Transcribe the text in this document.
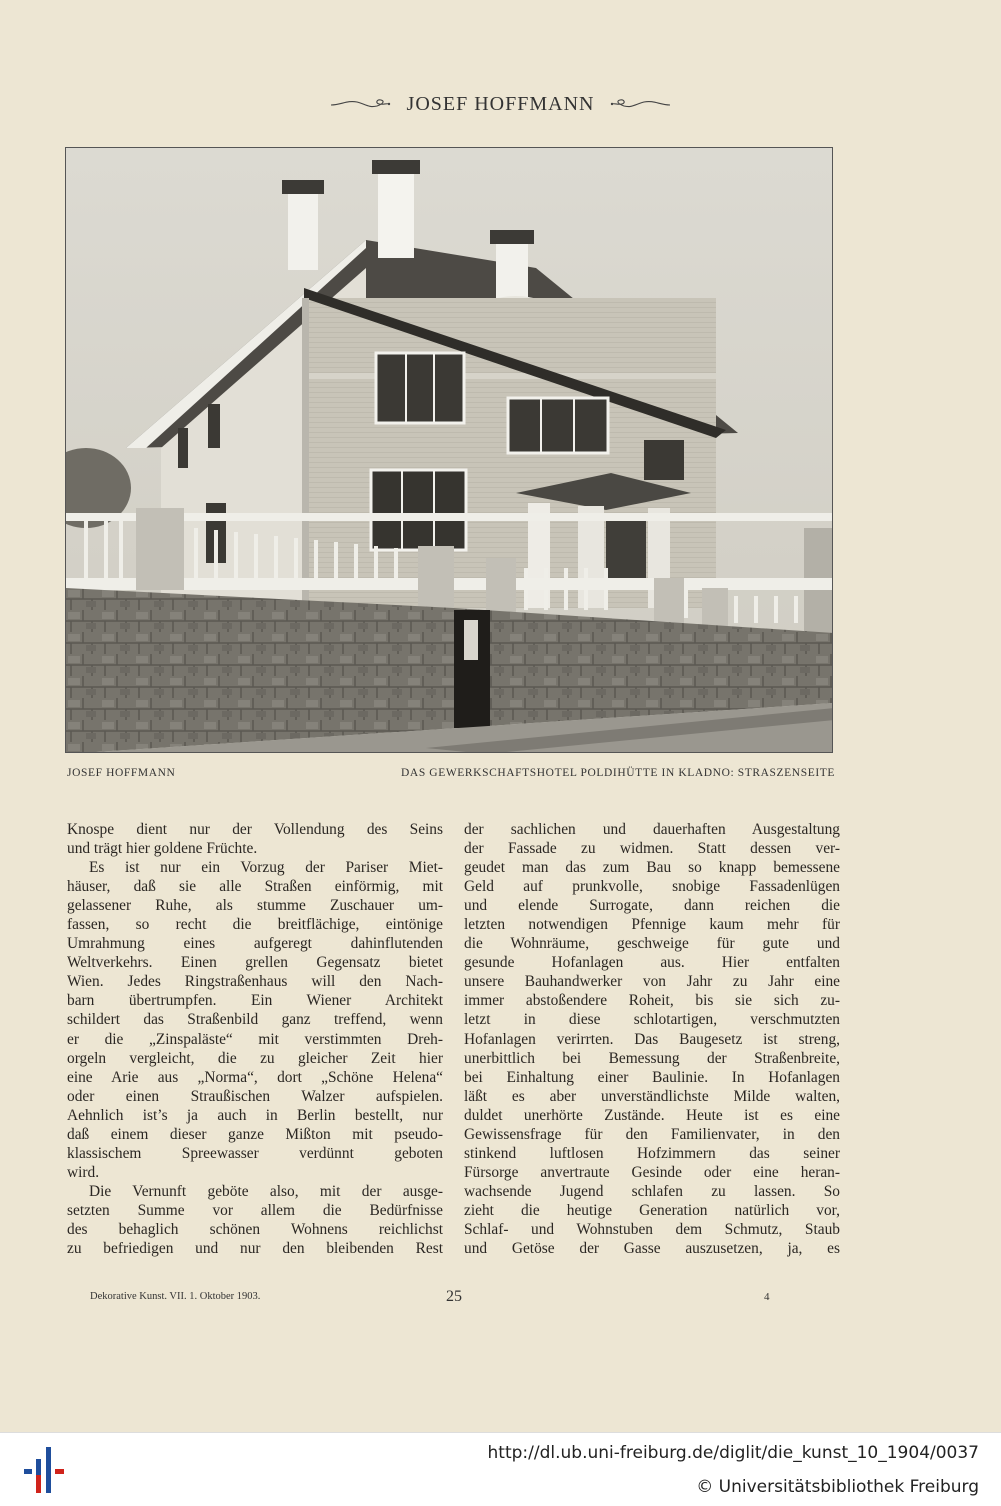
JOSEF HOFFMANN
JOSEF HOFFMANN	DAS GEWERKSCHAFTSHOTEL POLDIHÜTTE IN KLADNO: STRASZENSEITE
Knospe dient nur der Vollendung des Seins
und trägt hier goldene Früchte.
Es ist nur ein Vorzug der Pariser Miet-
häuser, daß sie alle Straßen einförmig, mit
gelassener Ruhe, als stumme Zuschauer um-
fassen, so recht die breitflächige, eintönige
Umrahmung eines aufgeregt dahinflutenden
Weltverkehrs. Einen grellen Gegensatz bietet
Wien. Jedes Ringstraßenhaus will den Nach-
barn übertrumpfen. Ein Wiener Architekt
schildert das Straßenbild ganz treffend, wenn
er die „Zinspaläste“ mit verstimmten Dreh-
orgeln vergleicht, die zu gleicher Zeit hier
eine Arie aus „Norma“, dort „Schöne Helena“
oder einen Straußischen Walzer aufspielen.
Aehnlich ist’s ja auch in Berlin bestellt, nur
daß einem dieser ganze Mißton mit pseudo-
klassischem Spreewasser verdünnt geboten
wird.
Die Vernunft geböte also, mit der ausge-
setzten Summe vor allem die Bedürfnisse
des behaglich schönen Wohnens reichlichst
zu befriedigen und nur den bleibenden Rest
der sachlichen und dauerhaften Ausgestaltung
der Fassade zu widmen. Statt dessen ver-
geudet man das zum Bau so knapp bemessene
Geld auf prunkvolle, snobige Fassadenlügen
und elende Surrogate, dann reichen die
letzten notwendigen Pfennige kaum mehr für
die Wohnräume, geschweige für gute und
gesunde Hofanlagen aus. Hier entfalten
unsere Bauhandwerker von Jahr zu Jahr eine
immer abstoßendere Roheit, bis sie sich zu-
letzt in diese schlotartigen, verschmutzten
Hofanlagen verirrten. Das Baugesetz ist streng,
unerbittlich bei Bemessung der Straßenbreite,
bei Einhaltung einer Baulinie. In Hofanlagen
läßt es aber unverständlichste Milde walten,
duldet unerhörte Zustände. Heute ist es eine
Gewissensfrage für den Familienvater, in den
stinkend luftlosen Hofzimmern das seiner
Fürsorge anvertraute Gesinde oder eine heran-
wachsende Jugend schlafen zu lassen. So
zieht die heutige Generation natürlich vor,
Schlaf- und Wohnstuben dem Schmutz, Staub
und Getöse der Gasse auszusetzen, ja, es
Dekorative Kunst. VII. 1. Oktober 1903.	25	4
http://dl.ub.uni-freiburg.de/diglit/die_kunst_10_1904/0037
© Universitätsbibliothek Freiburg
